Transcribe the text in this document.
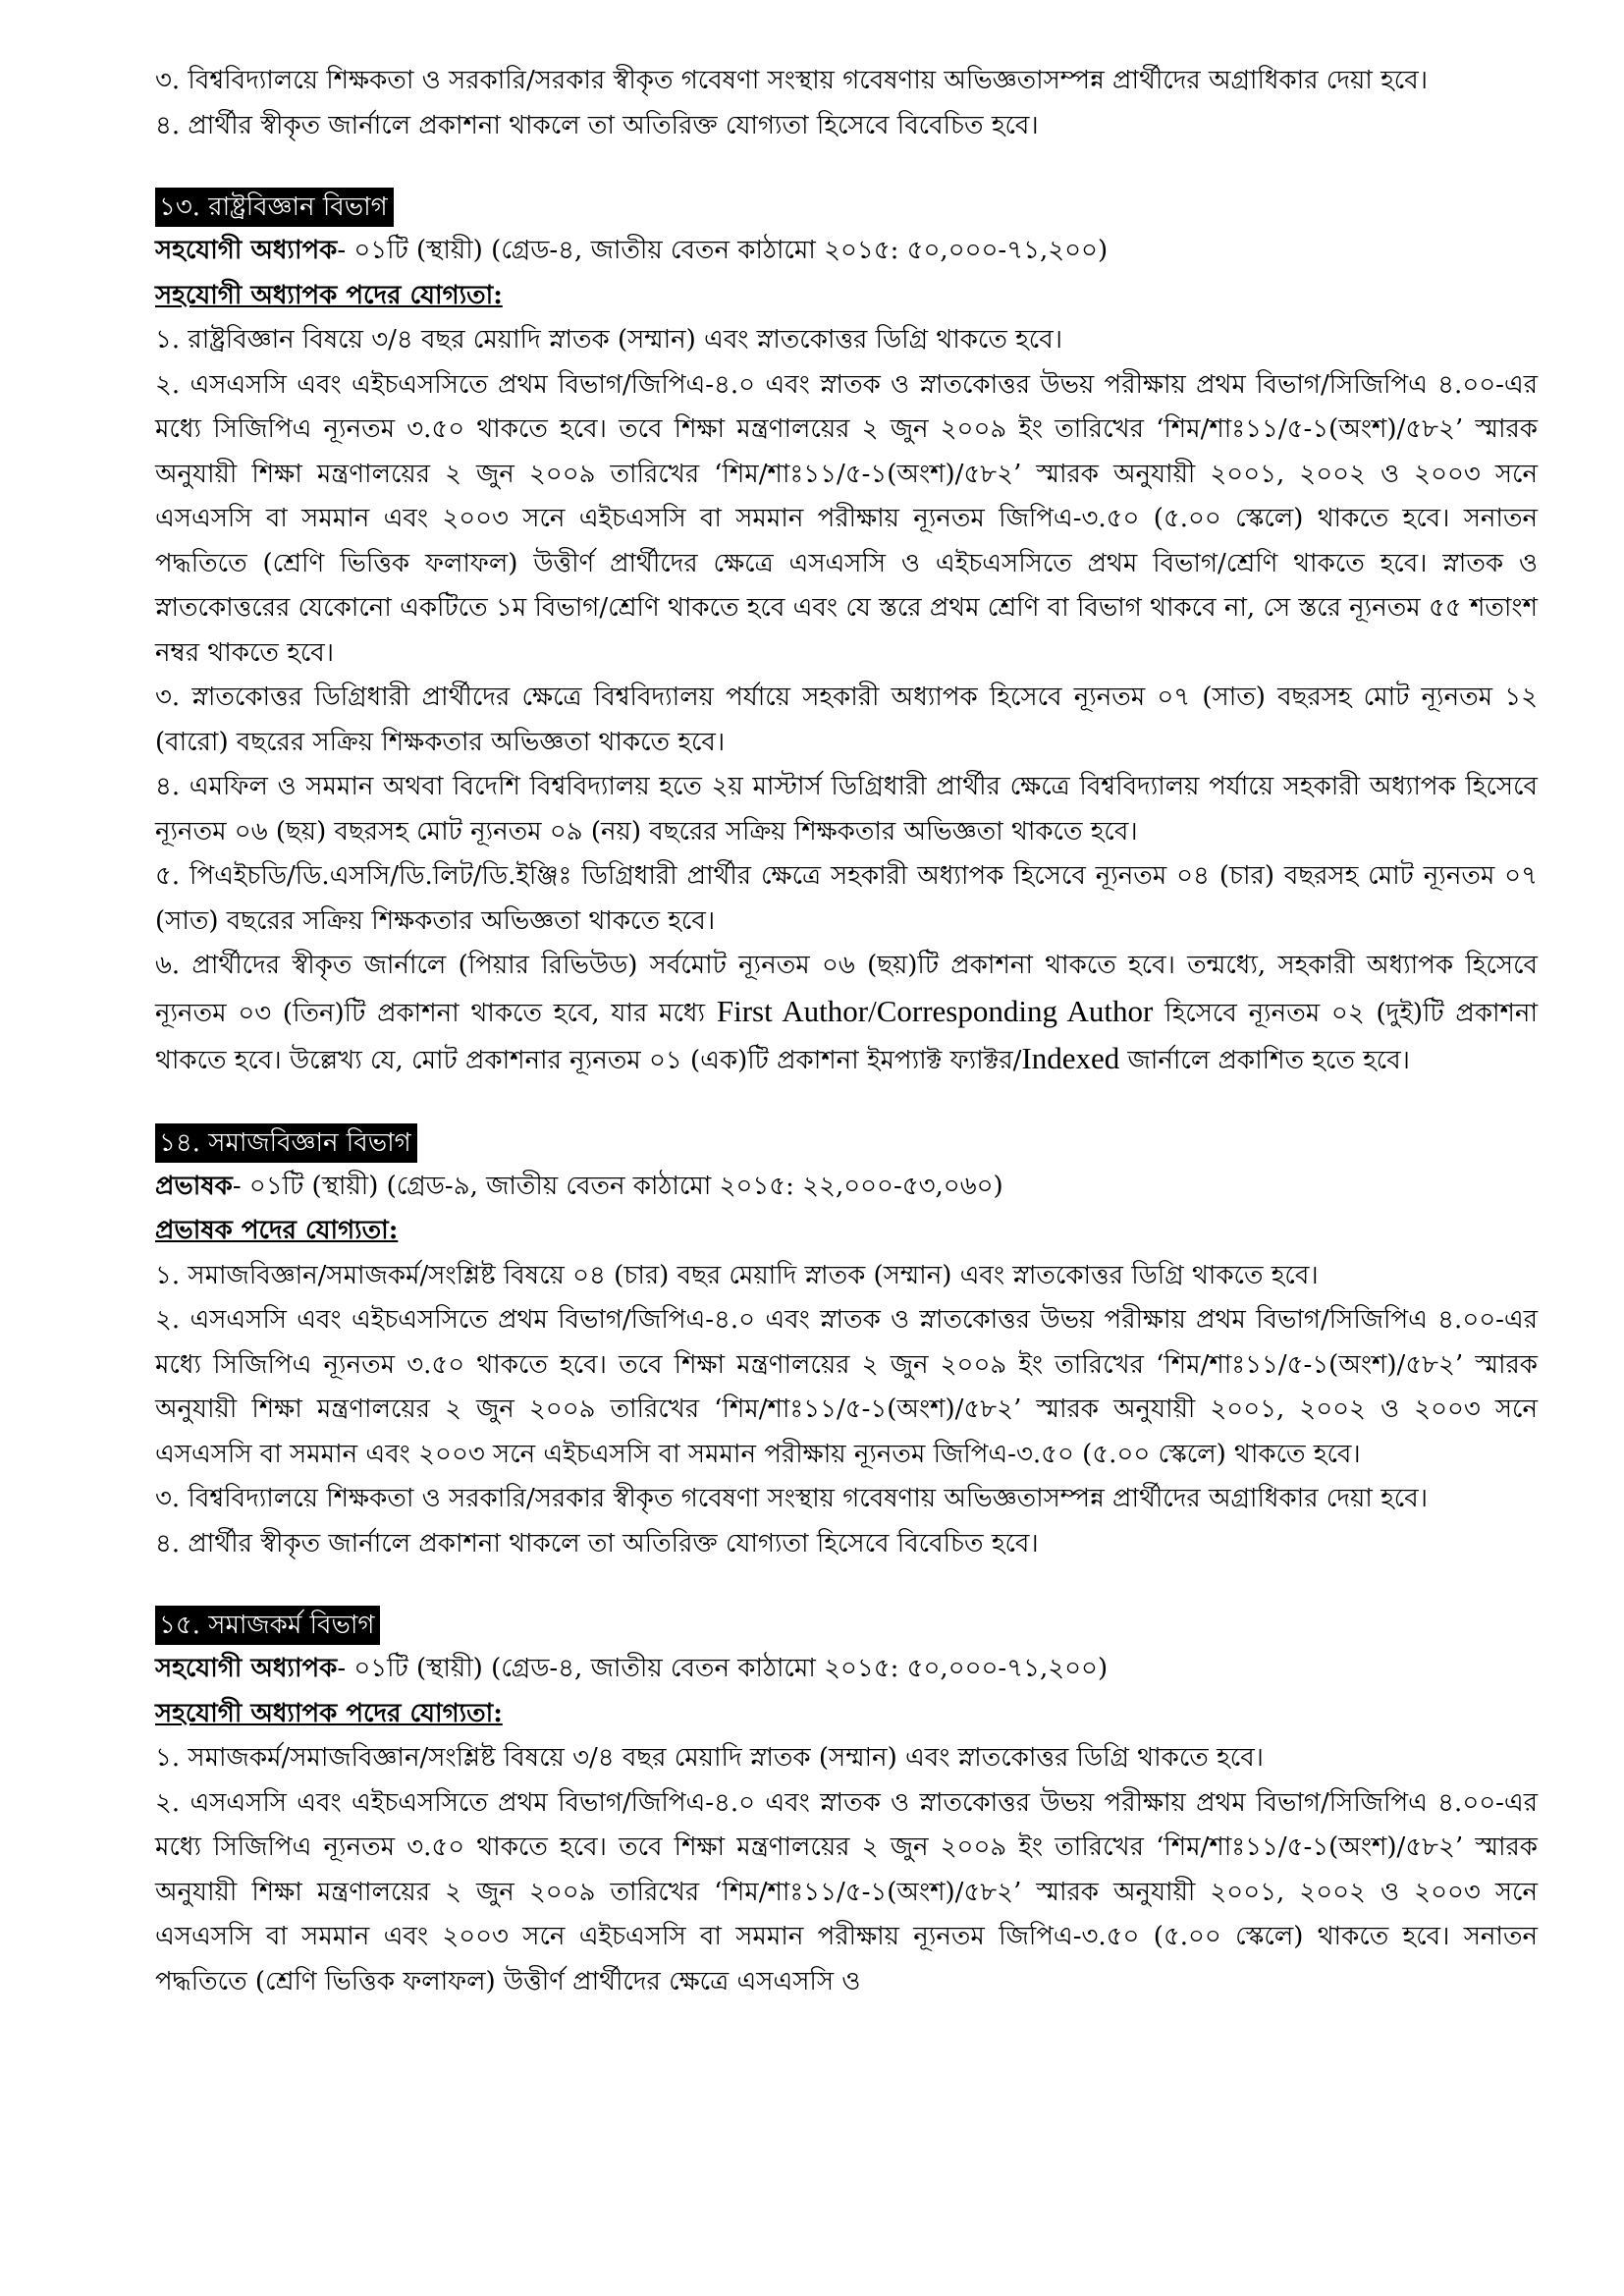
৩. বিশ্ববিদ্যালয়ে শিক্ষকতা ও সরকারি/সরকার স্বীকৃত গবেষণা সংস্থায় গবেষণায় অভিজ্ঞতাসম্পন্ন প্রার্থীদের অগ্রাধিকার দেয়া হবে।

৪. প্রার্থীর স্বীকৃত জার্নালে প্রকাশনা থাকলে তা অতিরিক্ত যোগ্যতা হিসেবে বিবেচিত হবে।

১৩. রাষ্ট্রবিজ্ঞান বিভাগ

সহযোগী অধ্যাপক- ০১টি (স্থায়ী) (গ্রেড-৪, জাতীয় বেতন কাঠামো ২০১৫: ৫০,০০০-৭১,২০০)

সহযোগী অধ্যাপক পদের যোগ্যতা:

১. রাষ্ট্রবিজ্ঞান বিষয়ে ৩/৪ বছর মেয়াদি স্নাতক (সম্মান) এবং স্নাতকোত্তর ডিগ্রি থাকতে হবে।

২. এসএসসি এবং এইচএসসিতে প্রথম বিভাগ/জিপিএ-৪.০ এবং স্নাতক ও স্নাতকোত্তর উভয় পরীক্ষায় প্রথম বিভাগ/সিজিপিএ ৪.০০-এর মধ্যে সিজিপিএ ন্যূনতম ৩.৫০ থাকতে হবে। তবে শিক্ষা মন্ত্রণালয়ের ২ জুন ২০০৯ ইং তারিখের ‘শিম/শাঃ১১/৫-১(অংশ)/৫৮২’ স্মারক অনুযায়ী শিক্ষা মন্ত্রণালয়ের ২ জুন ২০০৯ তারিখের ‘শিম/শাঃ১১/৫-১(অংশ)/৫৮২’ স্মারক অনুযায়ী ২০০১, ২০০২ ও ২০০৩ সনে এসএসসি বা সমমান এবং ২০০৩ সনে এইচএসসি বা সমমান পরীক্ষায় ন্যূনতম জিপিএ-৩.৫০ (৫.০০ স্কেলে) থাকতে হবে। সনাতন পদ্ধতিতে (শ্রেণি ভিত্তিক ফলাফল) উত্তীর্ণ প্রার্থীদের ক্ষেত্রে এসএসসি ও এইচএসসিতে প্রথম বিভাগ/শ্রেণি থাকতে হবে। স্নাতক ও স্নাতকোত্তরের যেকোনো একটিতে ১ম বিভাগ/শ্রেণি থাকতে হবে এবং যে স্তরে প্রথম শ্রেণি বা বিভাগ থাকবে না, সে স্তরে ন্যূনতম ৫৫ শতাংশ নম্বর থাকতে হবে।

৩. স্নাতকোত্তর ডিগ্রিধারী প্রার্থীদের ক্ষেত্রে বিশ্ববিদ্যালয় পর্যায়ে সহকারী অধ্যাপক হিসেবে ন্যূনতম ০৭ (সাত) বছরসহ মোট ন্যূনতম ১২ (বারো) বছরের সক্রিয় শিক্ষকতার অভিজ্ঞতা থাকতে হবে।

৪. এমফিল ও সমমান অথবা বিদেশি বিশ্ববিদ্যালয় হতে ২য় মাস্টার্স ডিগ্রিধারী প্রার্থীর ক্ষেত্রে বিশ্ববিদ্যালয় পর্যায়ে সহকারী অধ্যাপক হিসেবে ন্যূনতম ০৬ (ছয়) বছরসহ মোট ন্যূনতম ০৯ (নয়) বছরের সক্রিয় শিক্ষকতার অভিজ্ঞতা থাকতে হবে।

৫. পিএইচডি/ডি.এসসি/ডি.লিট/ডি.ইঞ্জিঃ ডিগ্রিধারী প্রার্থীর ক্ষেত্রে সহকারী অধ্যাপক হিসেবে ন্যূনতম ০৪ (চার) বছরসহ মোট ন্যূনতম ০৭ (সাত) বছরের সক্রিয় শিক্ষকতার অভিজ্ঞতা থাকতে হবে।

৬. প্রার্থীদের স্বীকৃত জার্নালে (পিয়ার রিভিউড) সর্বমোট ন্যূনতম ০৬ (ছয়)টি প্রকাশনা থাকতে হবে। তন্মধ্যে, সহকারী অধ্যাপক হিসেবে ন্যূনতম ০৩ (তিন)টি প্রকাশনা থাকতে হবে, যার মধ্যে First Author/Corresponding Author হিসেবে ন্যূনতম ০২ (দুই)টি প্রকাশনা থাকতে হবে। উল্লেখ্য যে, মোট প্রকাশনার ন্যূনতম ০১ (এক)টি প্রকাশনা ইমপ্যাক্ট ফ্যাক্টর/Indexed জার্নালে প্রকাশিত হতে হবে।

১৪. সমাজবিজ্ঞান বিভাগ

প্রভাষক- ০১টি (স্থায়ী) (গ্রেড-৯, জাতীয় বেতন কাঠামো ২০১৫: ২২,০০০-৫৩,০৬০)

প্রভাষক পদের যোগ্যতা:

১. সমাজবিজ্ঞান/সমাজকর্ম/সংশ্লিষ্ট বিষয়ে ০৪ (চার) বছর মেয়াদি স্নাতক (সম্মান) এবং স্নাতকোত্তর ডিগ্রি থাকতে হবে।

২. এসএসসি এবং এইচএসসিতে প্রথম বিভাগ/জিপিএ-৪.০ এবং স্নাতক ও স্নাতকোত্তর উভয় পরীক্ষায় প্রথম বিভাগ/সিজিপিএ ৪.০০-এর মধ্যে সিজিপিএ ন্যূনতম ৩.৫০ থাকতে হবে। তবে শিক্ষা মন্ত্রণালয়ের ২ জুন ২০০৯ ইং তারিখের ‘শিম/শাঃ১১/৫-১(অংশ)/৫৮২’ স্মারক অনুযায়ী শিক্ষা মন্ত্রণালয়ের ২ জুন ২০০৯ তারিখের ‘শিম/শাঃ১১/৫-১(অংশ)/৫৮২’ স্মারক অনুযায়ী ২০০১, ২০০২ ও ২০০৩ সনে এসএসসি বা সমমান এবং ২০০৩ সনে এইচএসসি বা সমমান পরীক্ষায় ন্যূনতম জিপিএ-৩.৫০ (৫.০০ স্কেলে) থাকতে হবে।

৩. বিশ্ববিদ্যালয়ে শিক্ষকতা ও সরকারি/সরকার স্বীকৃত গবেষণা সংস্থায় গবেষণায় অভিজ্ঞতাসম্পন্ন প্রার্থীদের অগ্রাধিকার দেয়া হবে।

৪. প্রার্থীর স্বীকৃত জার্নালে প্রকাশনা থাকলে তা অতিরিক্ত যোগ্যতা হিসেবে বিবেচিত হবে।

১৫. সমাজকর্ম বিভাগ

সহযোগী অধ্যাপক- ০১টি (স্থায়ী) (গ্রেড-৪, জাতীয় বেতন কাঠামো ২০১৫: ৫০,০০০-৭১,২০০)

সহযোগী অধ্যাপক পদের যোগ্যতা:

১. সমাজকর্ম/সমাজবিজ্ঞান/সংশ্লিষ্ট বিষয়ে ৩/৪ বছর মেয়াদি স্নাতক (সম্মান) এবং স্নাতকোত্তর ডিগ্রি থাকতে হবে।

২. এসএসসি এবং এইচএসসিতে প্রথম বিভাগ/জিপিএ-৪.০ এবং স্নাতক ও স্নাতকোত্তর উভয় পরীক্ষায় প্রথম বিভাগ/সিজিপিএ ৪.০০-এর মধ্যে সিজিপিএ ন্যূনতম ৩.৫০ থাকতে হবে। তবে শিক্ষা মন্ত্রণালয়ের ২ জুন ২০০৯ ইং তারিখের ‘শিম/শাঃ১১/৫-১(অংশ)/৫৮২’ স্মারক অনুযায়ী শিক্ষা মন্ত্রণালয়ের ২ জুন ২০০৯ তারিখের ‘শিম/শাঃ১১/৫-১(অংশ)/৫৮২’ স্মারক অনুযায়ী ২০০১, ২০০২ ও ২০০৩ সনে এসএসসি বা সমমান এবং ২০০৩ সনে এইচএসসি বা সমমান পরীক্ষায় ন্যূনতম জিপিএ-৩.৫০ (৫.০০ স্কেলে) থাকতে হবে। সনাতন পদ্ধতিতে (শ্রেণি ভিত্তিক ফলাফল) উত্তীর্ণ প্রার্থীদের ক্ষেত্রে এসএসসি ও
